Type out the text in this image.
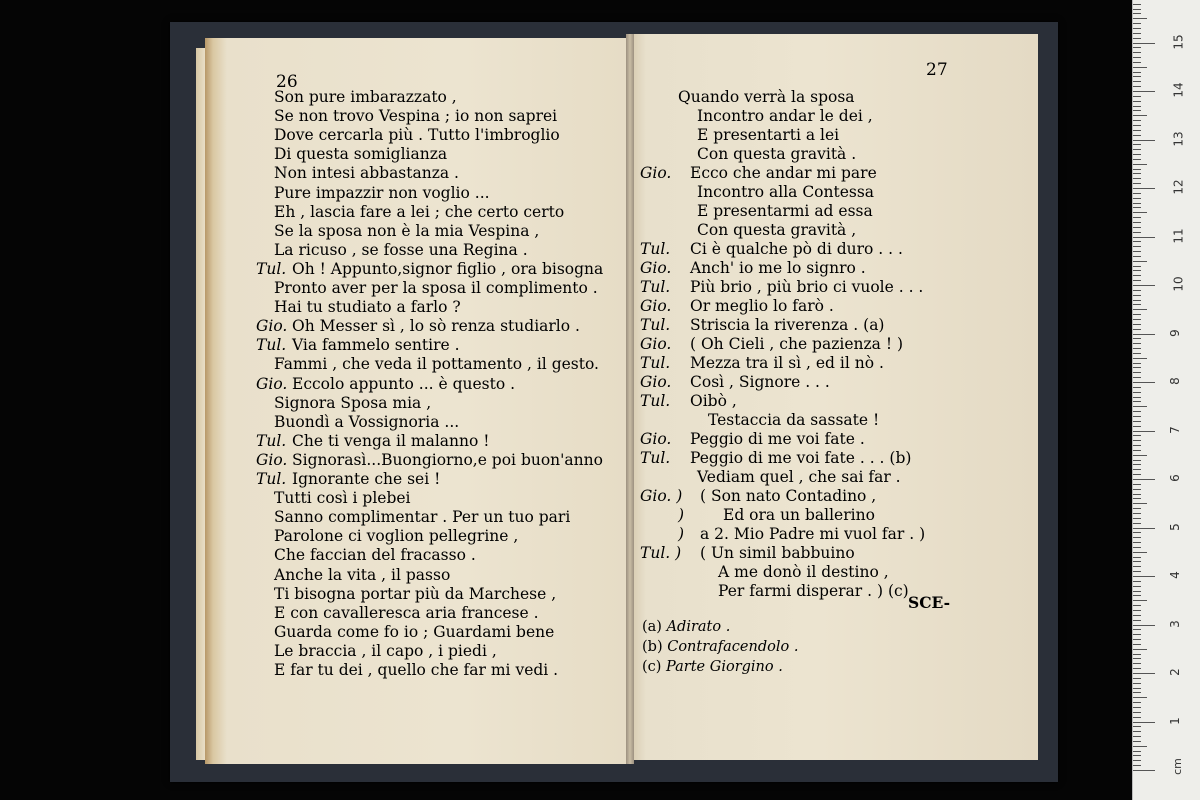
26
27
Son pure imbarazzato ,
Se non trovo Vespina ; io non saprei
Dove cercarla più . Tutto l'imbroglio
Di questa somiglianza
Non intesi abbastanza .
Pure impazzir non voglio ...
Eh , lascia fare a lei ; che certo certo
Se la sposa non è la mia Vespina ,
La ricuso , se fosse una Regina .
Tul. Oh ! Appunto,signor figlio , ora bisogna
Pronto aver per la sposa il complimento .
Hai tu studiato a farlo ?
Gio. Oh Messer sì , lo sò renza studiarlo .
Tul. Via fammelo sentire .
Fammi , che veda il pottamento , il gesto.
Gio. Eccolo appunto ... è questo .
Signora Sposa mia ,
Buondì a Vossignoria ...
Tul. Che ti venga il malanno !
Gio. Signorasì...Buongiorno,e poi buon'anno
Tul. Ignorante che sei !
Tutti così i plebei
Sanno complimentar . Per un tuo pari
Parolone ci voglion pellegrine ,
Che faccian del fracasso .
Anche la vita , il passo
Ti bisogna portar più da Marchese ,
E con cavalleresca aria francese .
Guarda come fo io ; Guardami bene
Le braccia , il capo , i piedi ,
E far tu dei , quello che far mi vedi .
Quando verrà la sposa
Incontro andar le dei ,
E presentarti a lei
Con questa gravità .
Gio. Ecco che andar mi pare
Incontro alla Contessa
E presentarmi ad essa
Con questa gravità ,
Tul. Ci è qualche pò di duro . . .
Gio. Anch' io me lo signro .
Tul. Più brio , più brio ci vuole . . .
Gio. Or meglio lo farò .
Tul. Striscia la riverenza . (a)
Gio. ( Oh Cieli , che pazienza ! )
Tul. Mezza tra il sì , ed il nò .
Gio. Così , Signore . . .
Tul. Oibò ,
Testaccia da sassate !
Gio. Peggio di me voi fate .
Tul. Peggio di me voi fate . . . (b)
Vediam quel , che sai far .
Gio. ) ( Son nato Contadino ,
)	Ed ora un ballerino
) a 2. Mio Padre mi vuol far . )
Tul. ) ( Un simil babbuino
A me donò il destino ,
Per farmi disperar . ) (c)
SCE-
(a) Adirato .
(b) Contrafacendolo .
(c) Parte Giorgino .
1
2
3
4
5
6
7
8
9
10
11
12
13
14
15
cm
